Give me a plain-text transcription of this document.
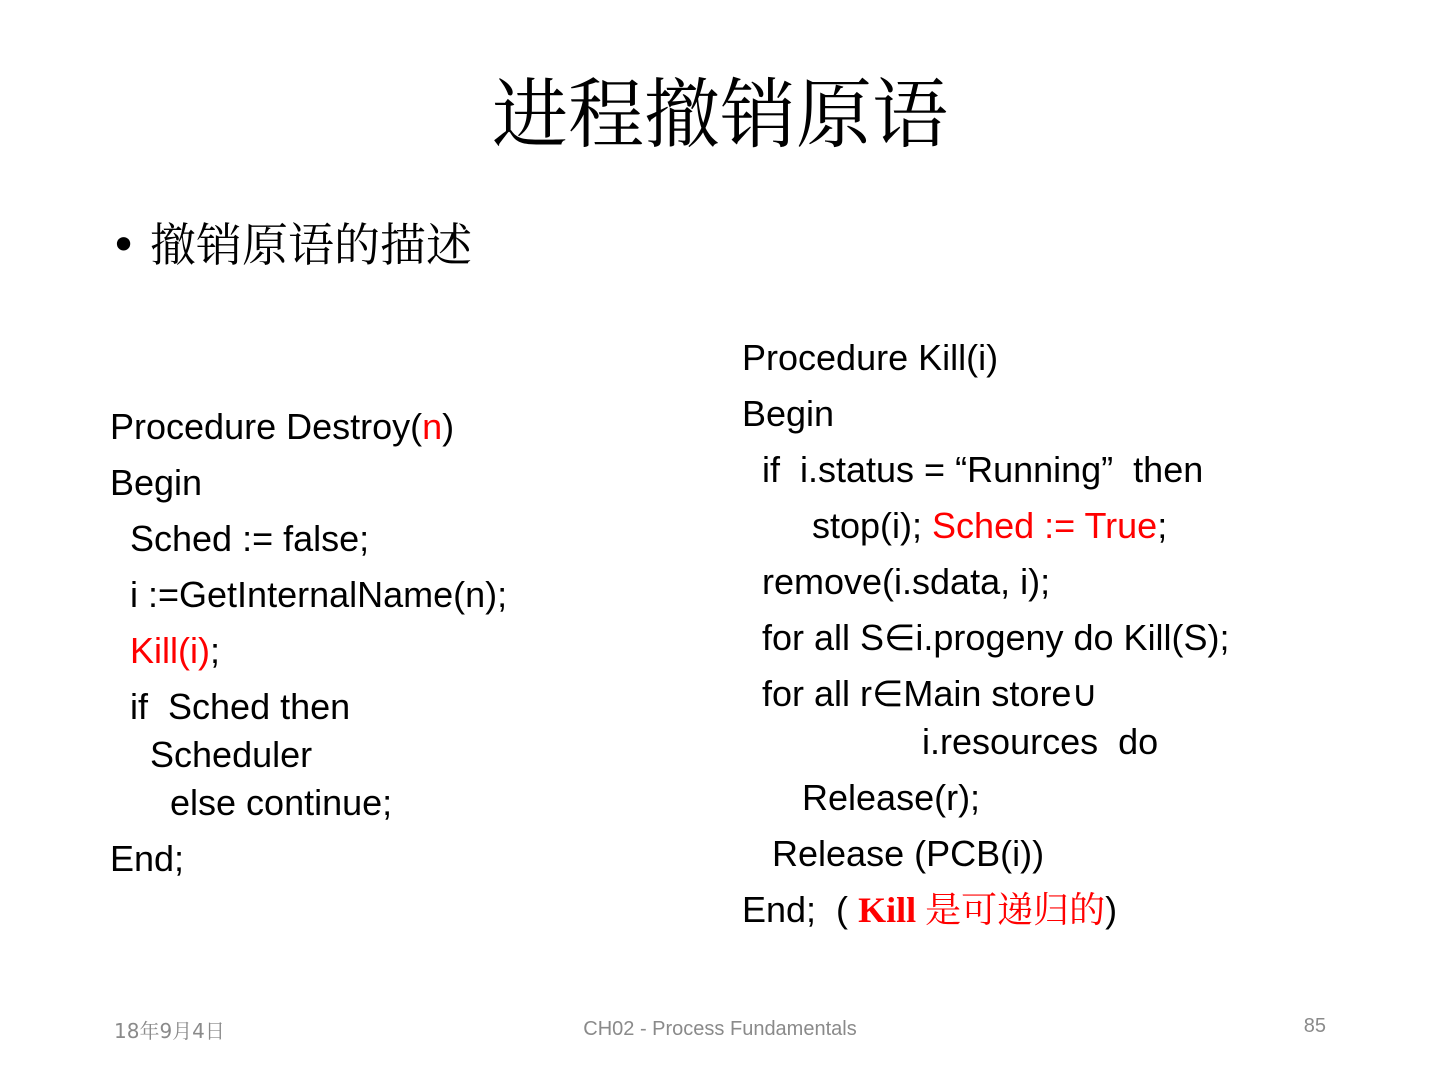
进程撤销原语
• 撤销原语的描述

Procedure Destroy(n)

Begin

Sched := false;

i :=GetInternalName(n);

Kill(i);

if  Sched then

Scheduler

else continue;

End;

Procedure Kill(i)

Begin

if  i.status = “Running”  then

stop(i); Sched := True;

remove(i.sdata, i);

for all S∈i.progeny do Kill(S);

for all r∈Main store∪

i.resources  do

Release(r);

Release (PCB(i))

End;  ( Kill 是可递归的)

18年9月4日	CH02 - Process Fundamentals	85
